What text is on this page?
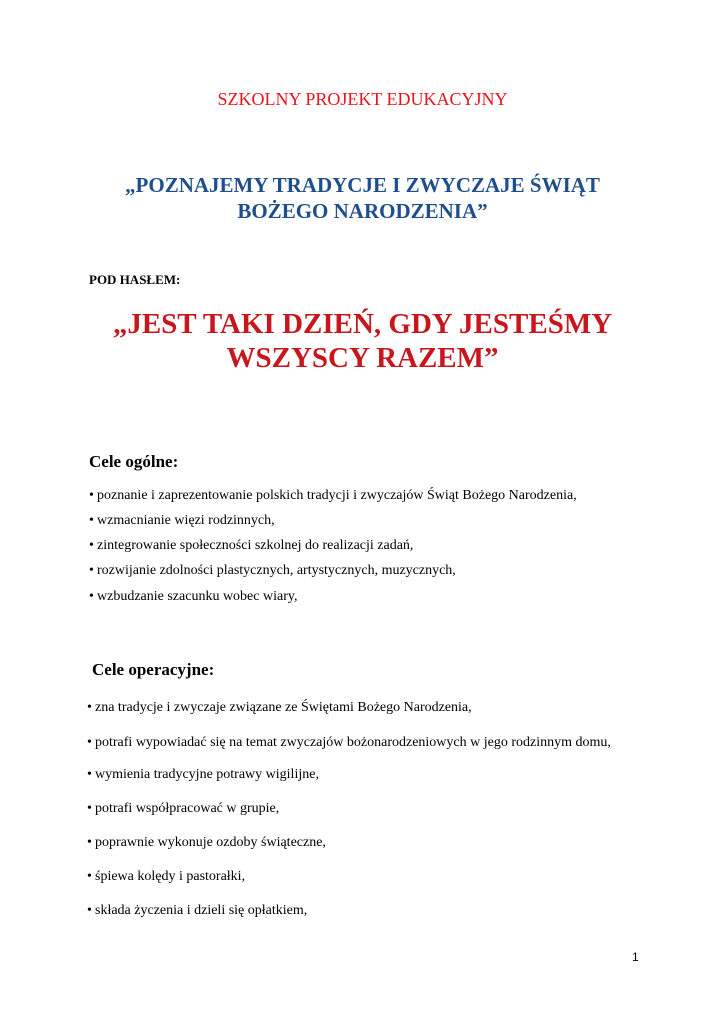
SZKOLNY PROJEKT EDUKACYJNY

„POZNAJEMY TRADYCJE I ZWYCZAJE ŚWIĄT
BOŻEGO NARODZENIA”

POD HASŁEM:

„JEST TAKI DZIEŃ, GDY JESTEŚMY
WSZYSCY RAZEM”

Cele ogólne:

• poznanie i zaprezentowanie polskich tradycji i zwyczajów Świąt Bożego Narodzenia,
• wzmacnianie więzi rodzinnych,
• zintegrowanie społeczności szkolnej do realizacji zadań,
• rozwijanie zdolności plastycznych, artystycznych, muzycznych,
• wzbudzanie szacunku wobec wiary,

Cele operacyjne:

• zna tradycje i zwyczaje związane ze Świętami Bożego Narodzenia,
• potrafi wypowiadać się na temat zwyczajów bożonarodzeniowych w jego rodzinnym domu,
• wymienia tradycyjne potrawy wigilijne,
• potrafi współpracować w grupie,
• poprawnie wykonuje ozdoby świąteczne,
• śpiewa kolędy i pastorałki,
• składa życzenia i dzieli się opłatkiem,

1
